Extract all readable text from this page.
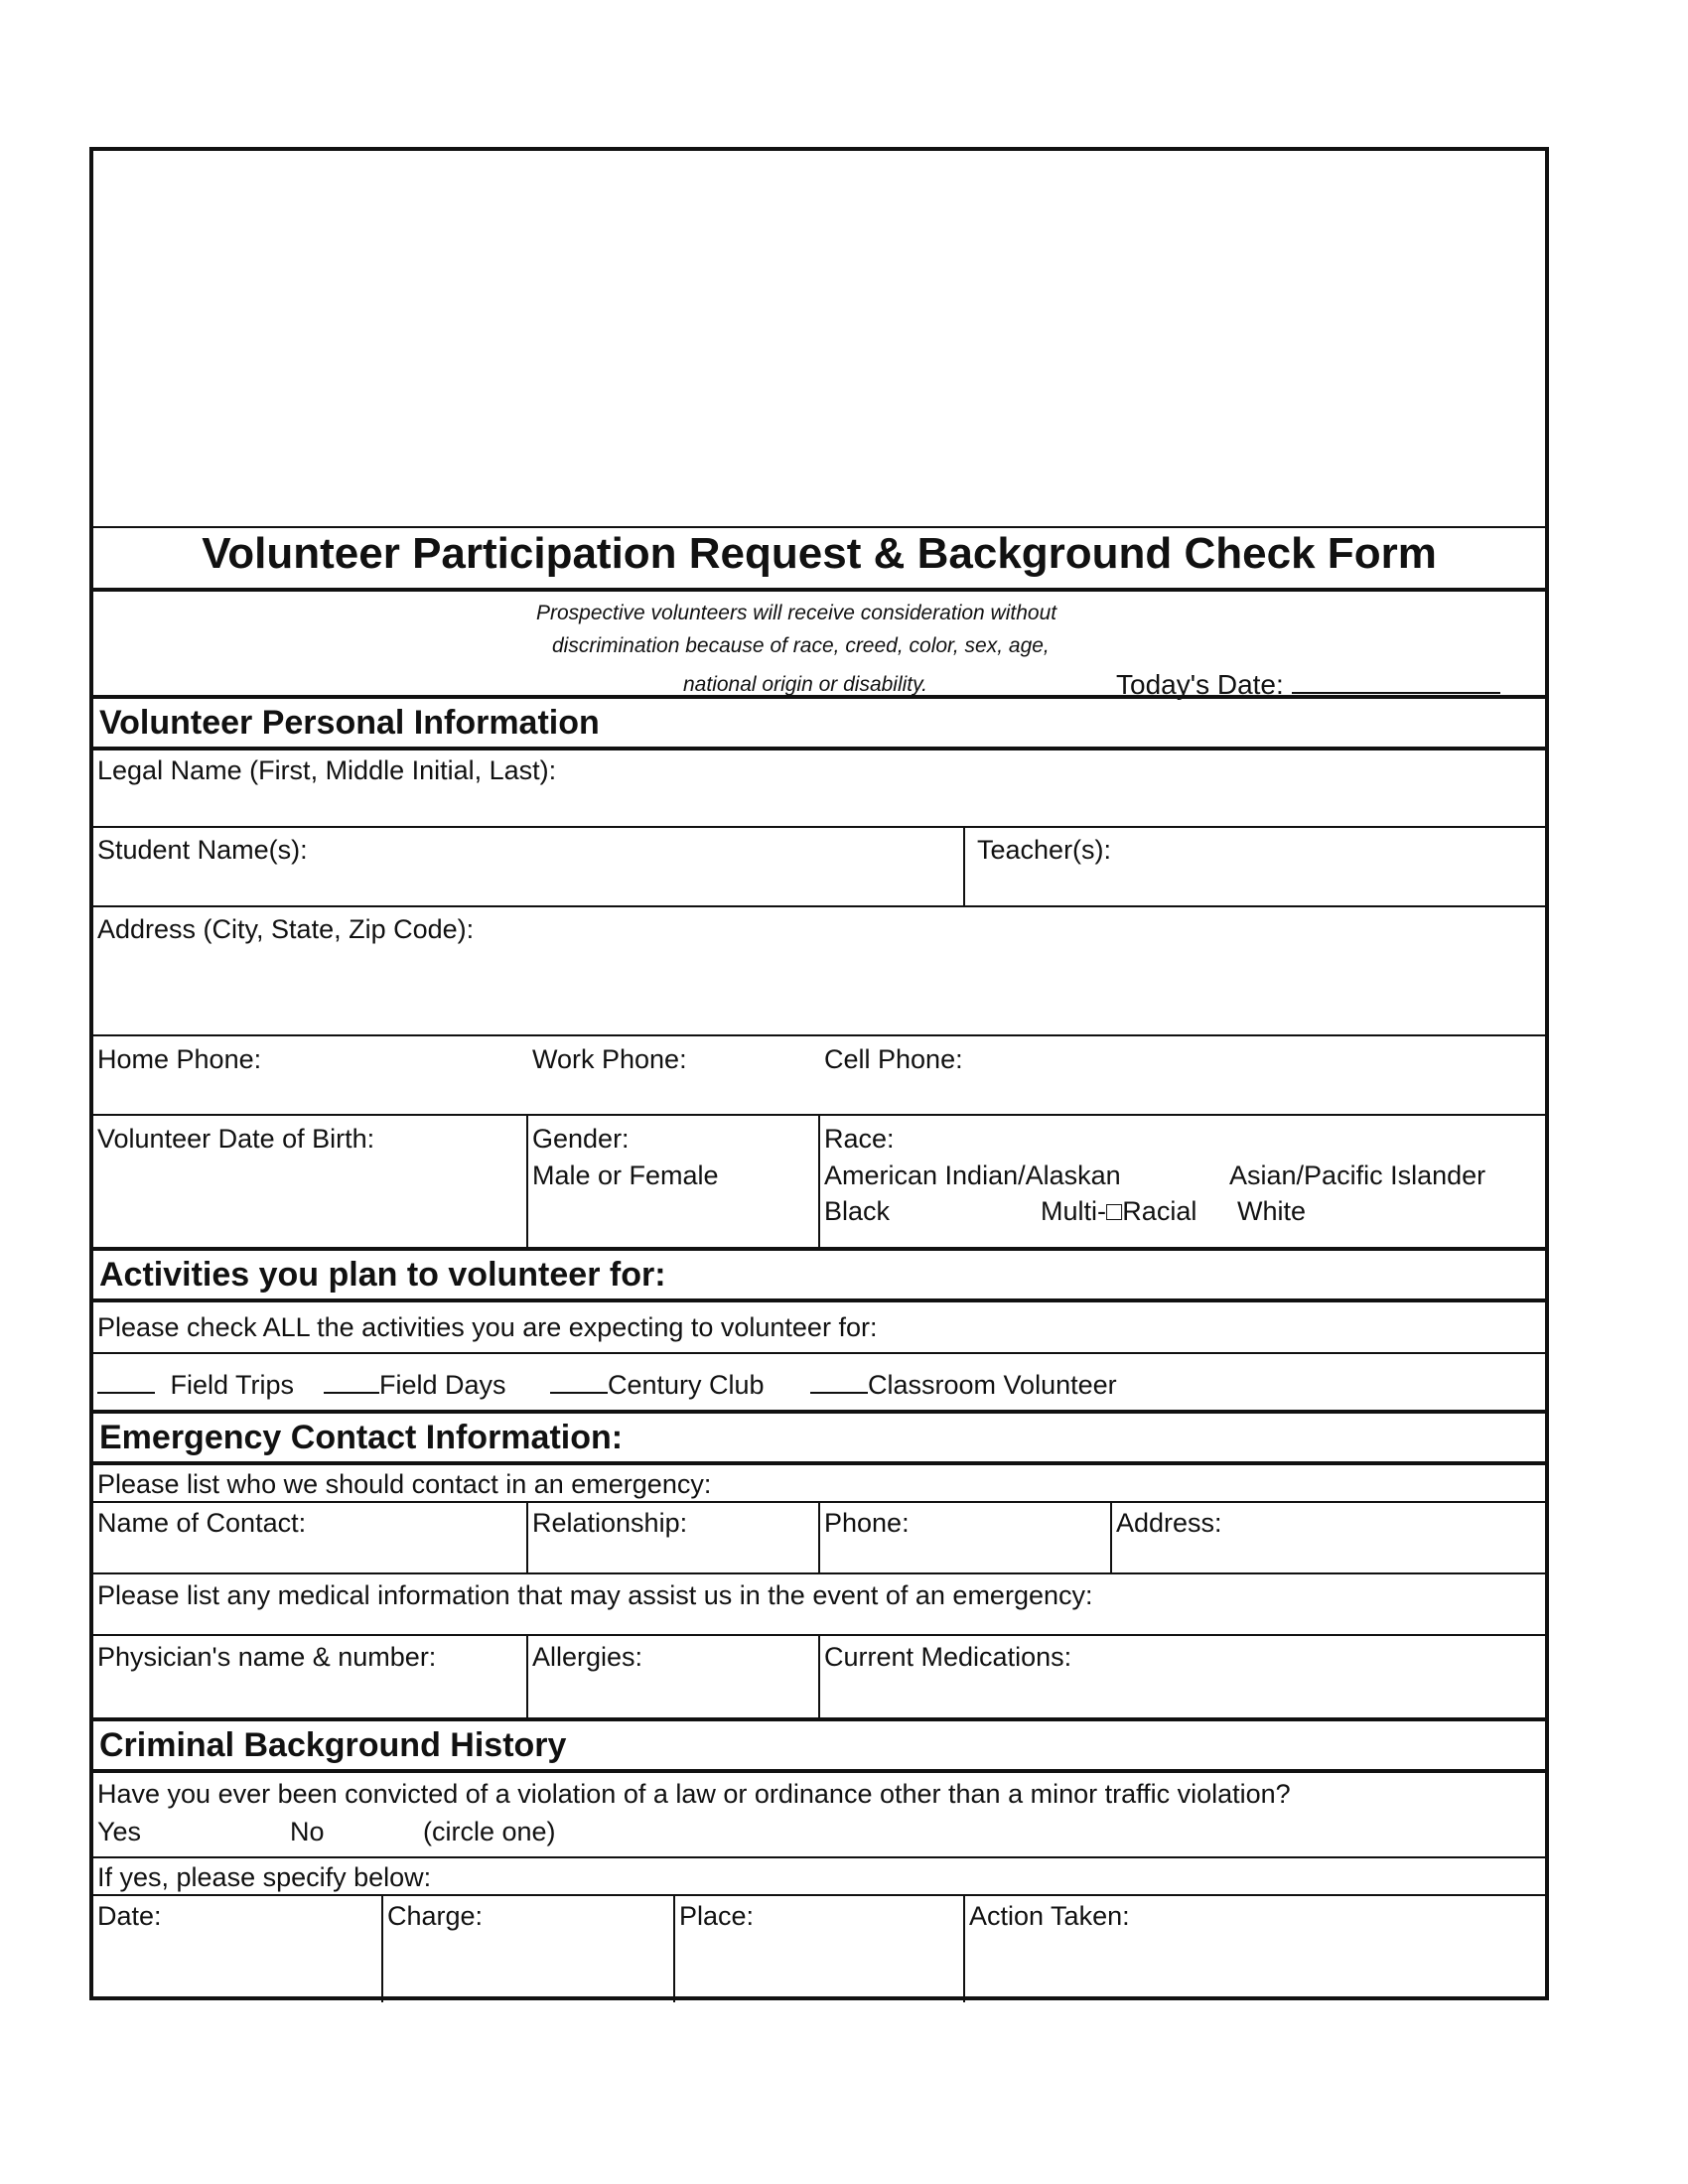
Volunteer Participation Request & Background Check Form
Prospective volunteers will receive consideration without
discrimination because of race, creed, color, sex, age,
national origin or disability.	Today's Date:
Volunteer Personal Information
Legal Name (First, Middle Initial, Last):
Student Name(s):	Teacher(s):
Address (City, State, Zip Code):
Home Phone:	Work Phone:	Cell Phone:
Volunteer Date of Birth:	Gender:
Male or Female
Race:
American Indian/Alaskan	Asian/Pacific Islander
Black	Multi-□Racial White
Activities you plan to volunteer for:
Please check ALL the activities you are expecting to volunteer for:
Field Trips	Field Days	Century Club	Classroom Volunteer
Emergency Contact Information:
Please list who we should contact in an emergency:
Name of Contact:	Relationship:	Phone:	Address:
Please list any medical information that may assist us in the event of an emergency:
Physician's name & number:	Allergies:	Current Medications:
Criminal Background History
Have you ever been convicted of a violation of a law or ordinance other than a minor traffic violation?
Yes	No	(circle one)
If yes, please specify below:
Date:	Charge:	Place:	Action Taken:
